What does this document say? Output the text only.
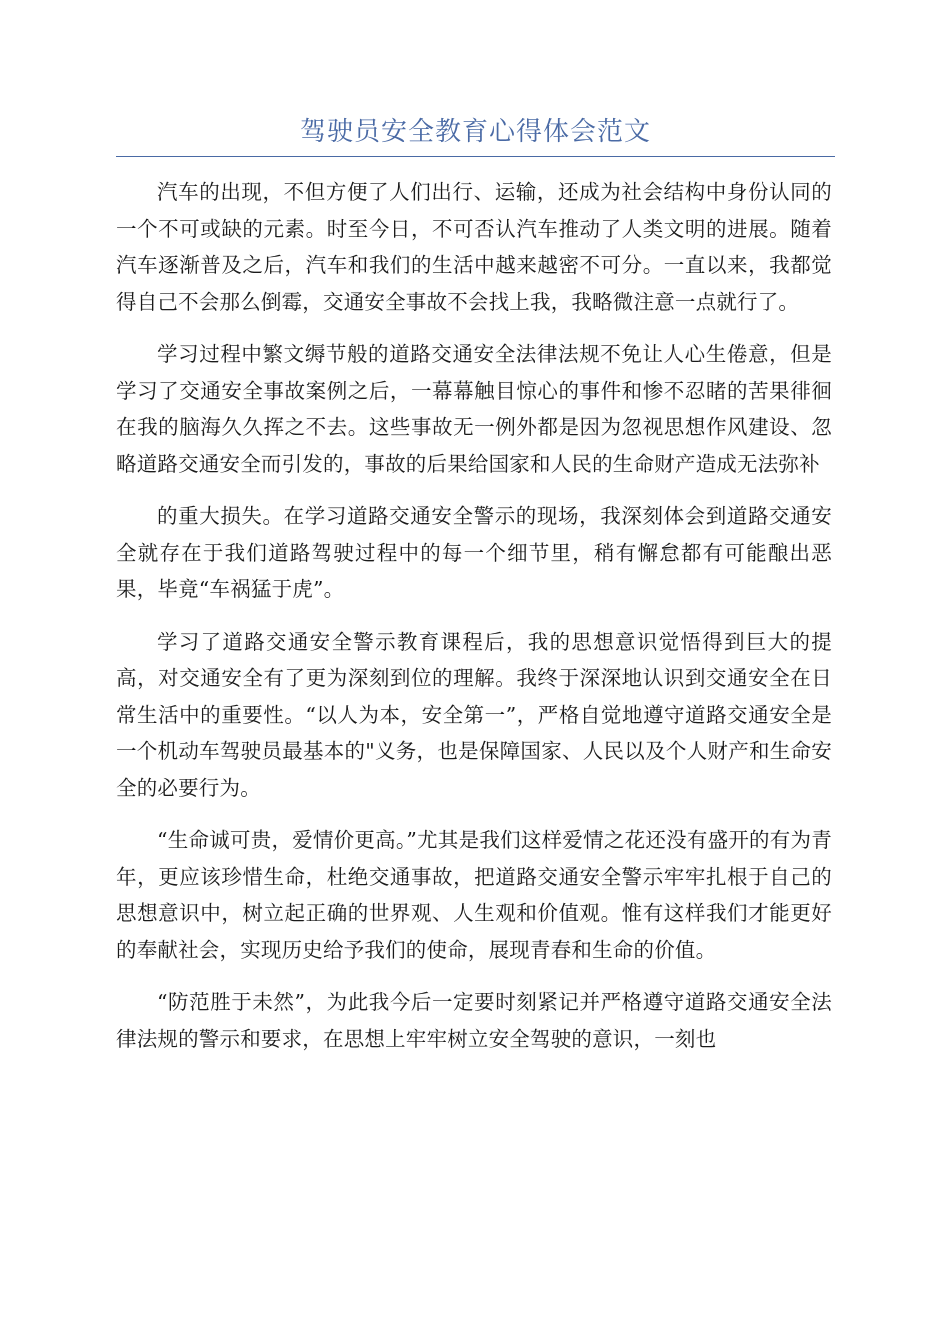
驾驶员安全教育心得体会范文

汽车的出现，不但方便了人们出行、运输，还成为社会结构中身份认同的一个不可或缺的元素。时至今日，不可否认汽车推动了人类文明的进展。随着汽车逐渐普及之后，汽车和我们的生活中越来越密不可分。一直以来，我都觉得自己不会那么倒霉，交通安全事故不会找上我，我略微注意一点就行了。

学习过程中繁文缛节般的道路交通安全法律法规不免让人心生倦意，但是学习了交通安全事故案例之后，一幕幕触目惊心的事件和惨不忍睹的苦果徘徊在我的脑海久久挥之不去。这些事故无一例外都是因为忽视思想作风建设、忽略道路交通安全而引发的，事故的后果给国家和人民的生命财产造成无法弥补

的重大损失。在学习道路交通安全警示的现场，我深刻体会到道路交通安全就存在于我们道路驾驶过程中的每一个细节里，稍有懈怠都有可能酿出恶果，毕竟“车祸猛于虎”。

学习了道路交通安全警示教育课程后，我的思想意识觉悟得到巨大的提高，对交通安全有了更为深刻到位的理解。我终于深深地认识到交通安全在日常生活中的重要性。“以人为本，安全第一”，严格自觉地遵守道路交通安全是一个机动车驾驶员最基本的"义务，也是保障国家、人民以及个人财产和生命安全的必要行为。

“生命诚可贵，爱情价更高。”尤其是我们这样爱情之花还没有盛开的有为青年，更应该珍惜生命，杜绝交通事故，把道路交通安全警示牢牢扎根于自己的思想意识中，树立起正确的世界观、人生观和价值观。惟有这样我们才能更好的奉献社会，实现历史给予我们的使命，展现青春和生命的价值。

“防范胜于未然”，为此我今后一定要时刻紧记并严格遵守道路交通安全法律法规的警示和要求，在思想上牢牢树立安全驾驶的意识，一刻也
